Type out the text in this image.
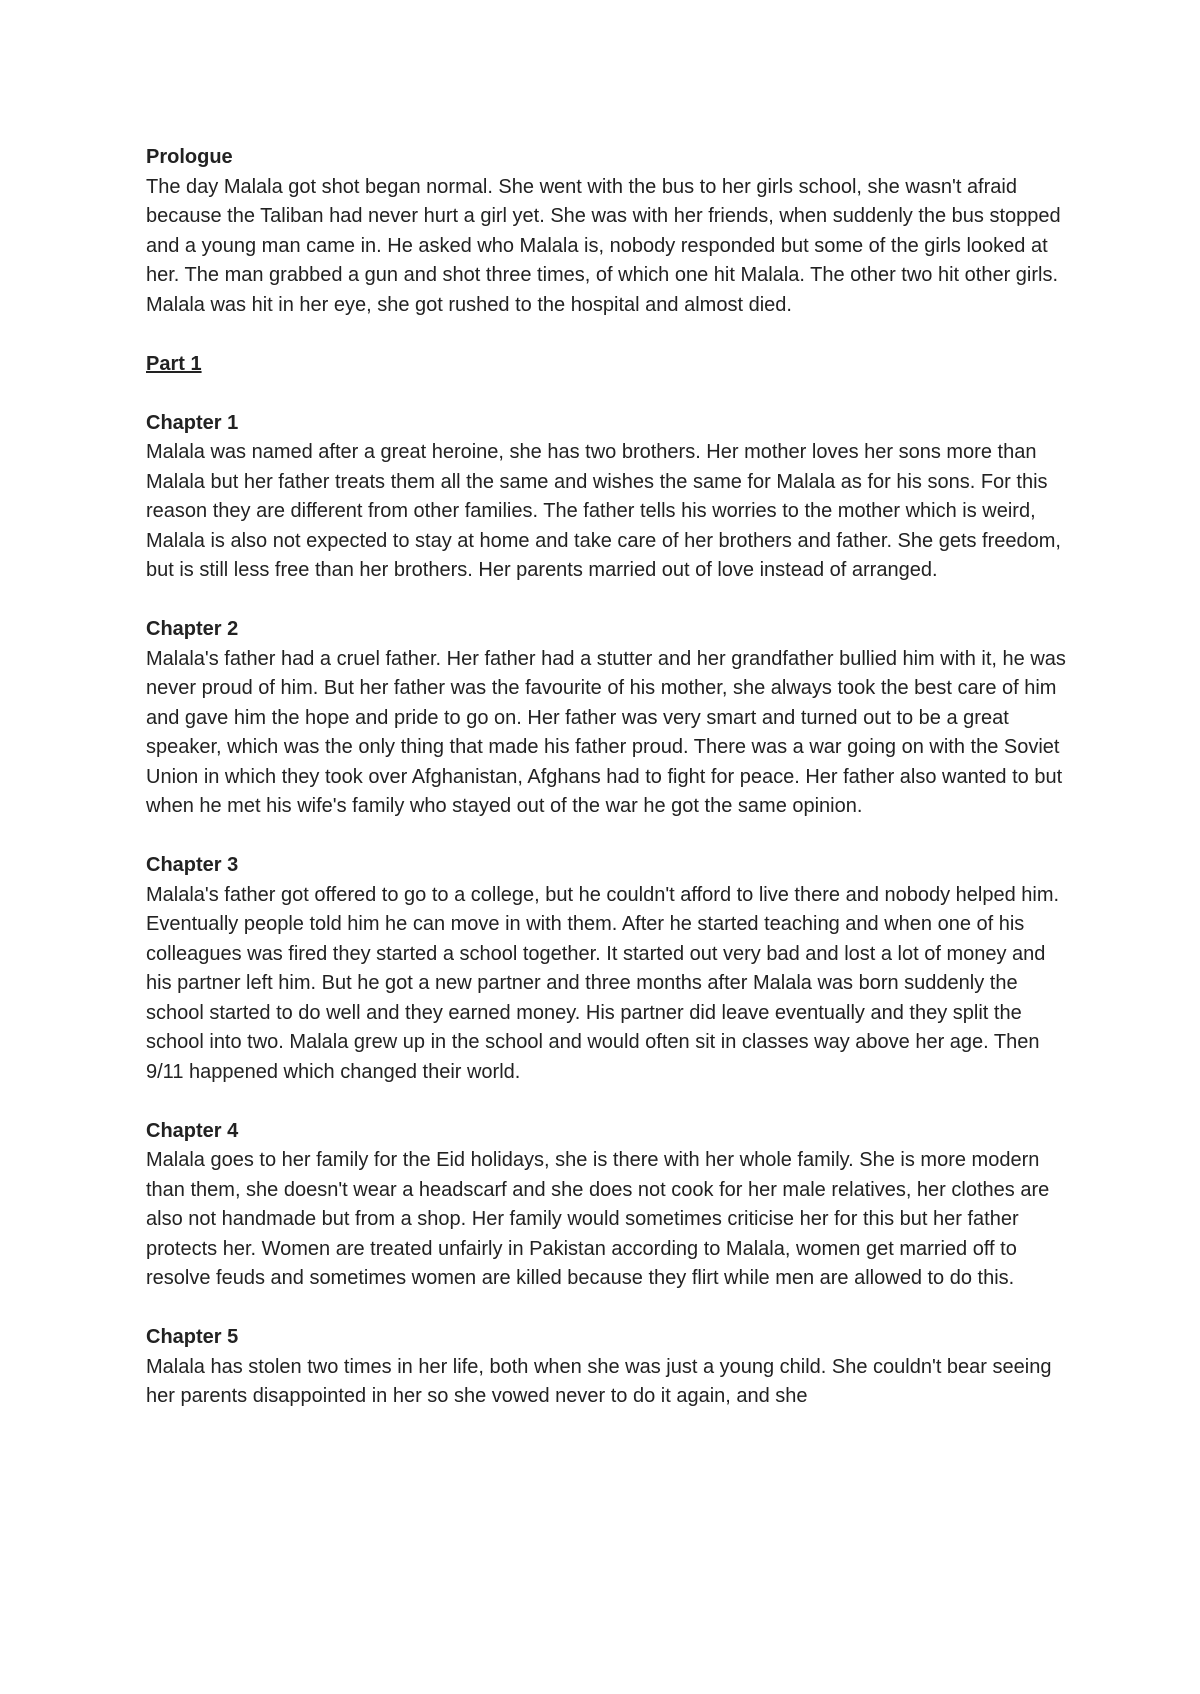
Prologue

The day Malala got shot began normal. She went with the bus to her girls school, she wasn't afraid because the Taliban had never hurt a girl yet. She was with her friends, when suddenly the bus stopped and a young man came in. He asked who Malala is, nobody responded but some of the girls looked at her. The man grabbed a gun and shot three times, of which one hit Malala. The other two hit other girls. Malala was hit in her eye, she got rushed to the hospital and almost died.

Part 1

Chapter 1

Malala was named after a great heroine, she has two brothers. Her mother loves her sons more than Malala but her father treats them all the same and wishes the same for Malala as for his sons. For this reason they are different from other families. The father tells his worries to the mother which is weird, Malala is also not expected to stay at home and take care of her brothers and father. She gets freedom, but is still less free than her brothers. Her parents married out of love instead of arranged.

Chapter 2

Malala's father had a cruel father. Her father had a stutter and her grandfather bullied him with it, he was never proud of him. But her father was the favourite of his mother, she always took the best care of him and gave him the hope and pride to go on. Her father was very smart and turned out to be a great speaker, which was the only thing that made his father proud. There was a war going on with the Soviet Union in which they took over Afghanistan, Afghans had to fight for peace. Her father also wanted to but when he met his wife's family who stayed out of the war he got the same opinion.

Chapter 3

Malala's father got offered to go to a college, but he couldn't afford to live there and nobody helped him. Eventually people told him he can move in with them. After he started teaching and when one of his colleagues was fired they started a school together. It started out very bad and lost a lot of money and his partner left him. But he got a new partner and three months after Malala was born suddenly the school started to do well and they earned money. His partner did leave eventually and they split the school into two. Malala grew up in the school and would often sit in classes way above her age. Then 9/11 happened which changed their world.

Chapter 4

Malala goes to her family for the Eid holidays, she is there with her whole family. She is more modern than them, she doesn't wear a headscarf and she does not cook for her male relatives, her clothes are also not handmade but from a shop. Her family would sometimes criticise her for this but her father protects her. Women are treated unfairly in Pakistan according to Malala, women get married off to resolve feuds and sometimes women are killed because they flirt while men are allowed to do this.

Chapter 5

Malala has stolen two times in her life, both when she was just a young child. She couldn't bear seeing her parents disappointed in her so she vowed never to do it again, and she
